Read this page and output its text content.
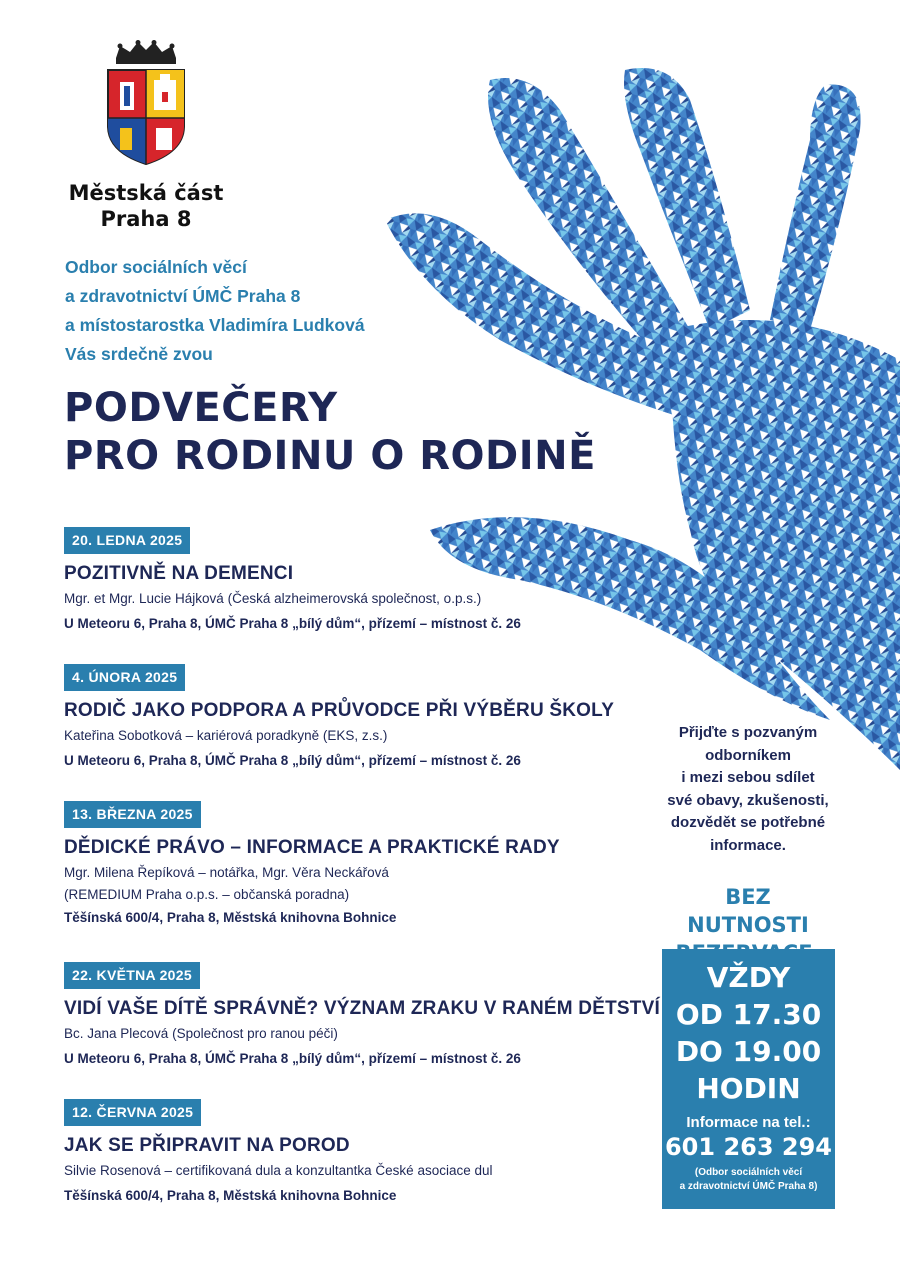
Městská část
Praha 8
Odbor sociálních věcí
a zdravotnictví ÚMČ Praha 8
a místostarostka Vladimíra Ludková
Vás srdečně zvou
PODVEČERY
PRO RODINU O RODINĚ
20. LEDNA 2025
POZITIVNĚ NA DEMENCI
Mgr. et Mgr. Lucie Hájková (Česká alzheimerovská společnost, o.p.s.)
U Meteoru 6, Praha 8, ÚMČ Praha 8 „bílý dům“, přízemí – místnost č. 26
4. ÚNORA 2025
RODIČ JAKO PODPORA A PRŮVODCE PŘI VÝBĚRU ŠKOLY
Kateřina Sobotková – kariérová poradkyně (EKS, z.s.)
U Meteoru 6, Praha 8, ÚMČ Praha 8 „bílý dům“, přízemí – místnost č. 26
13. BŘEZNA 2025
DĚDICKÉ PRÁVO – INFORMACE A PRAKTICKÉ RADY
Mgr. Milena Řepíková – notářka, Mgr. Věra Neckářová
(REMEDIUM Praha o.p.s. – občanská poradna)
Těšínská 600/4, Praha 8, Městská knihovna Bohnice
22. KVĚTNA 2025
VIDÍ VAŠE DÍTĚ SPRÁVNĚ? VÝZNAM ZRAKU V RANÉM DĚTSTVÍ
Bc. Jana Plecová (Společnost pro ranou péči)
U Meteoru 6, Praha 8, ÚMČ Praha 8 „bílý dům“, přízemí – místnost č. 26
12. ČERVNA 2025
JAK SE PŘIPRAVIT NA POROD
Silvie Rosenová – certifikovaná dula a konzultantka České asociace dul
Těšínská 600/4, Praha 8, Městská knihovna Bohnice
Přijďte s pozvaným
odborníkem
i mezi sebou sdílet
své obavy, zkušenosti,
dozvědět se potřebné
informace.
BEZ NUTNOSTI
VŽDY
OD 17.30
DO 19.00
HODIN
Informace na tel.:
601 263 294
(Odbor sociálních věcí
a zdravotnictví ÚMČ Praha 8)
